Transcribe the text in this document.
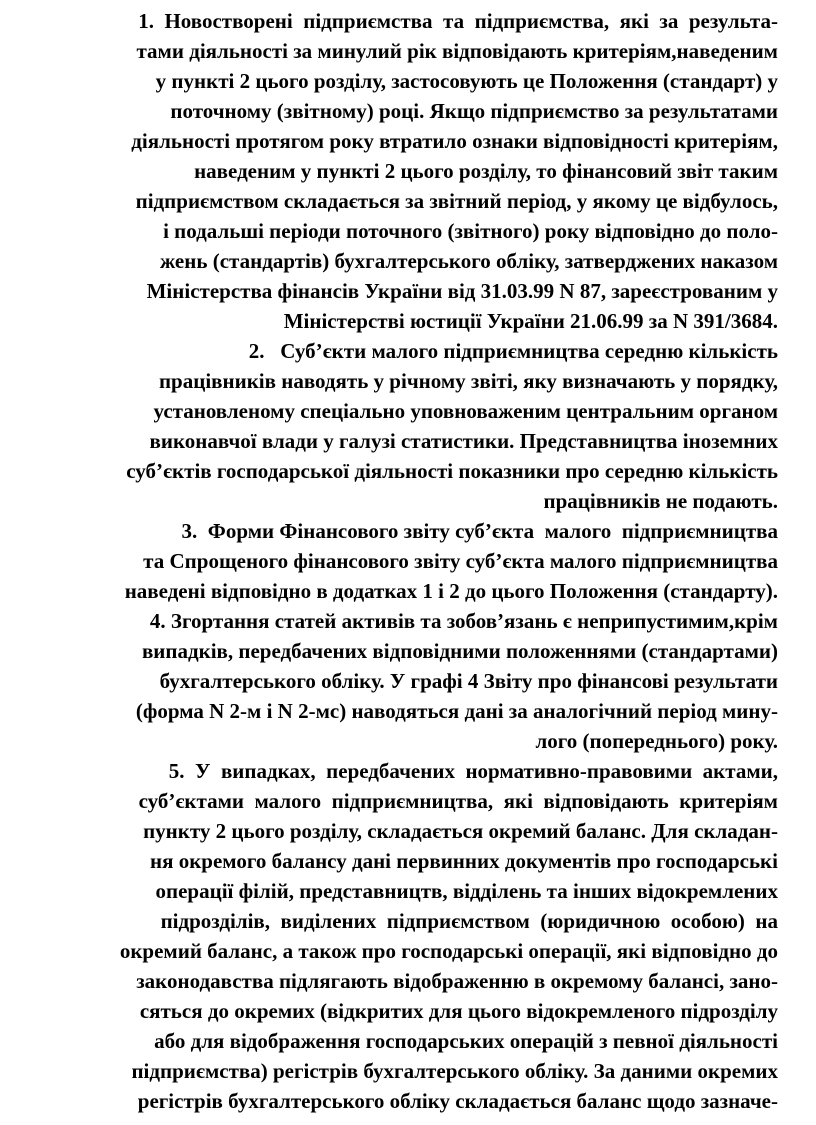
1.  Новостворені  підприємства  та  підприємства,  які  за  результа-
тами діяльності за минулий рік відповідають критеріям,наведеним
у пункті 2 цього розділу, застосовують це Положення (стандарт) у
поточному (звітному) році. Якщо підприємство за результатами
діяльності протягом року втратило ознаки відповідності критеріям,
наведеним у пункті 2 цього розділу, то фінансовий звіт таким
підприємством складається за звітний період, у якому це відбулось,
і подальші періоди поточного (звітного) року відповідно до поло-
жень (стандартів) бухгалтерського обліку, затверджених наказом
Міністерства фінансів України від 31.03.99 N 87, зареєстрованим у
Міністерстві юстиції України 21.06.99 за N 391/3684.
2.   Суб’єкти малого підприємництва середню кількість
працівників наводять у річному звіті, яку визначають у порядку,
установленому спеціально уповноваженим центральним органом
виконавчої влади у галузі статистики. Представництва іноземних
суб’єктів господарської діяльності показники про середню кількість
працівників не подають.
3.  Форми Фінансового звіту суб’єкта  малого  підприємництва
та Спрощеного фінансового звіту суб’єкта малого підприємництва
наведені відповідно в додатках 1 і 2 до цього Положення (стандарту).
4. Згортання статей активів та зобов’язань є неприпустимим,крім
випадків, передбачених відповідними положеннями (стандартами)
бухгалтерського обліку. У графі 4 Звіту про фінансові результати
(форма N 2-м і N 2-мс) наводяться дані за аналогічний період мину-
лого (попереднього) року.
5.  У  випадках,  передбачених  нормативно-правовими  актами,
суб’єктами  малого  підприємництва,  які  відповідають  критеріям
пункту 2 цього розділу, складається окремий баланс. Для складан-
ня окремого балансу дані первинних документів про господарські
операції філій, представництв, відділень та інших відокремлених
підрозділів,  виділених  підприємством  (юридичною  особою)  на
окремий баланс, а також про господарські операції, які відповідно до
законодавства підлягають відображенню в окремому балансі, зано-
сяться до окремих (відкритих для цього відокремленого підрозділу
або для відображення господарських операцій з певної діяльності
підприємства) регістрів бухгалтерського обліку. За даними окремих
регістрів бухгалтерського обліку складається баланс щодо зазначе-
